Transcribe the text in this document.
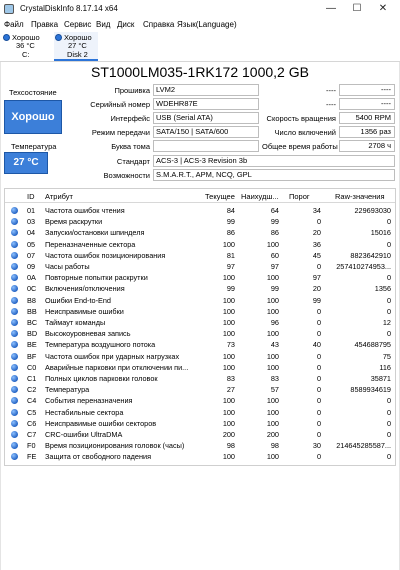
CrystalDiskInfo 8.17.14 x64	—	☐	✕
Файл Правка Сервис Вид Диск Справка Язык(Language)
Хорошо
36 °C
C:
Хорошо
27 °C
Disk 2
ST1000LM035-1RK172 1000,2 GB
Техсостояние
Хорошо
Температура
27 °C
Прошивка LVM2
Серийный номер WDEHR87E
Интерфейс USB (Serial ATA)
Режим передачи SATA/150 | SATA/600
Буква тома
----	----
----	----
Скорость вращения	5400 RPM
Число включений	1356 раз
Общее время работы	2708 ч
Стандарт ACS-3 | ACS-3 Revision 3b
Возможности S.M.A.R.T., APM, NCQ, GPL
ID Атрибут	Текущее Наихудш... Порог	Raw-значения
01	Частота ошибок чтения	84	64	34	229693030
03	Время раскрутки	99	99	0	0
04	Запуски/остановки шпинделя	86	86	20	15016
05	Переназначенные сектора	100	100	36	0
07	Частота ошибок позиционирования	81	60	45	8823642910
09	Часы работы	97	97	0	257410274953...
0A	Повторные попытки раскрутки	100	100	97	0
0C	Включения/отключения	99	99	20	1356
B8	Ошибки End-to-End	100	100	99	0
BB	Неисправимые ошибки	100	100	0	0
BC	Таймаут команды	100	96	0	12
BD	Высокоуровневая запись	100	100	0	0
BE	Температура воздушного потока	73	43	40	454688795
BF	Частота ошибок при ударных нагрузках	100	100	0	75
C0	Аварийные парковки при отключении пи...	100	100	0	116
C1	Полных циклов парковки головок	83	83	0	35871
C2	Температура	27	57	0	8589934619
C4	События переназначения	100	100	0	0
C5	Нестабильные сектора	100	100	0	0
C6	Неисправимые ошибки секторов	100	100	0	0
C7	CRC-ошибки UltraDMA	200	200	0	0
F0	Время позиционирования головок (часы)	98	98	30	214645285587...
FE	Защита от свободного падения	100	100	0	0
